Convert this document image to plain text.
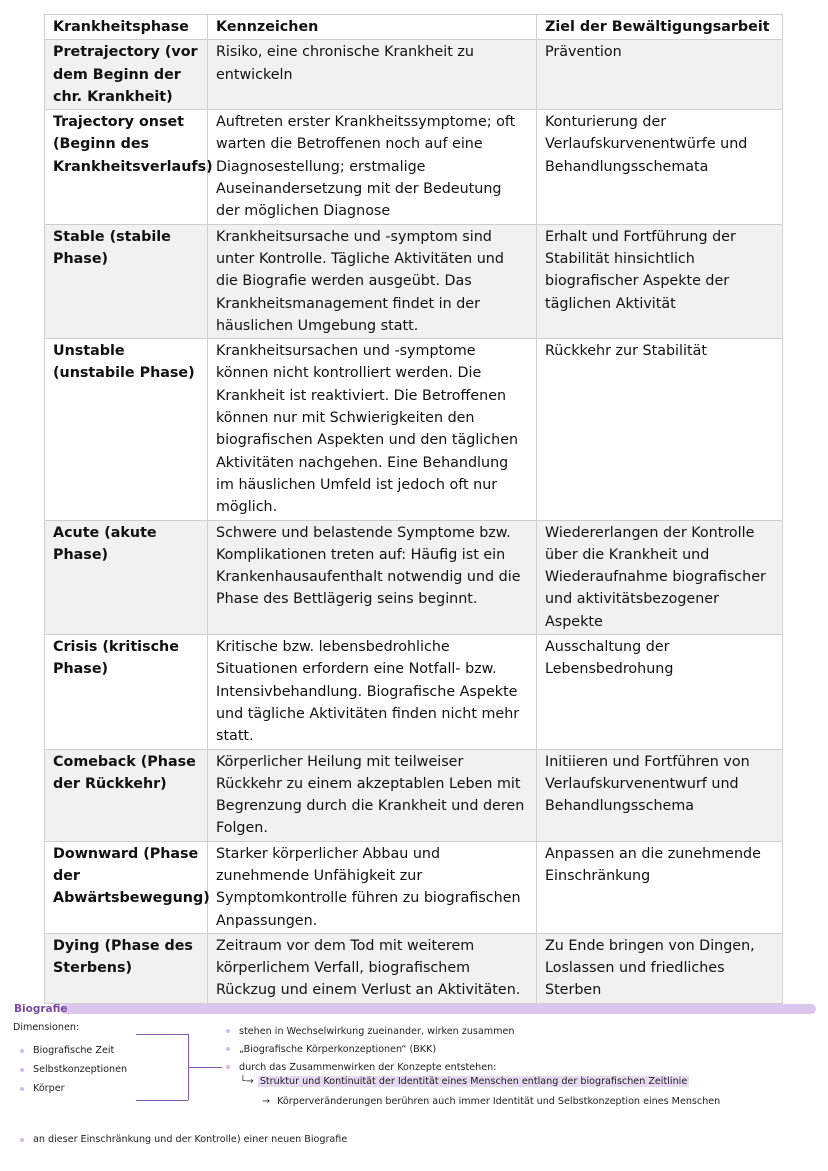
Krankheitsphase	Kennzeichen	Ziel der Bewältigungsarbeit
Pretrajectory (vor dem Beginn der chr. Krankheit)	Risiko, eine chronische Krankheit zu entwickeln	Prävention
Trajectory onset (Beginn des Krankheitsverlaufs)	Auftreten erster Krankheitssymptome; oft warten die Betroffenen noch auf eine Diagnosestellung; erstmalige Auseinandersetzung mit der Bedeutung der möglichen Diagnose	Konturierung der Verlaufskurvenentwürfe und Behandlungsschemata
Stable (stabile Phase)	Krankheitsursache und -symptom sind unter Kontrolle. Tägliche Aktivitäten und die Biografie werden ausgeübt. Das Krankheitsmanagement findet in der häuslichen Umgebung statt.	Erhalt und Fortführung der Stabilität hinsichtlich biografischer Aspekte der täglichen Aktivität
Unstable (unstabile Phase)	Krankheitsursachen und -symptome können nicht kontrolliert werden. Die Krankheit ist reaktiviert. Die Betroffenen können nur mit Schwierigkeiten den biografischen Aspekten und den täglichen Aktivitäten nachgehen. Eine Behandlung im häuslichen Umfeld ist jedoch oft nur möglich.	Rückkehr zur Stabilität
Acute (akute Phase)	Schwere und belastende Symptome bzw. Komplikationen treten auf: Häufig ist ein Krankenhausaufenthalt notwendig und die Phase des Bettlägerig seins beginnt.	Wiedererlangen der Kontrolle über die Krankheit und Wiederaufnahme biografischer und aktivitätsbezogener Aspekte
Crisis (kritische Phase)	Kritische bzw. lebensbedrohliche Situationen erfordern eine Notfall- bzw. Intensivbehandlung. Biografische Aspekte und tägliche Aktivitäten finden nicht mehr statt.	Ausschaltung der Lebensbedrohung
Comeback (Phase der Rückkehr)	Körperlicher Heilung mit teilweiser Rückkehr zu einem akzeptablen Leben mit Begrenzung durch die Krankheit und deren Folgen.	Initiieren und Fortführen von Verlaufskurvenentwurf und Behandlungsschema
Downward (Phase der Abwärtsbewegung)	Starker körperlicher Abbau und zunehmende Unfähigkeit zur Symptomkontrolle führen zu biografischen Anpassungen.	Anpassen an die zunehmende Einschränkung
Dying (Phase des Sterbens)	Zeitraum vor dem Tod mit weiterem körperlichem Verfall, biografischem Rückzug und einem Verlust an Aktivitäten.	Zu Ende bringen von Dingen, Loslassen und friedliches Sterben
Biografie
Dimensionen:
Biografische Zeit
Selbstkonzeptionen
Körper
stehen in Wechselwirkung zueinander, wirken zusammen
„Biografische Körperkonzeptionen“ (BKK)
durch das Zusammenwirken der Konzepte entstehen:
└→ Struktur und Kontinuität der Identität eines Menschen entlang der biografischen Zeitlinie
→ Körperveränderungen berühren auch immer Identität und Selbstkonzeption eines Menschen
an dieser Einschränkung und der Kontrolle) einer neuen Biografie
